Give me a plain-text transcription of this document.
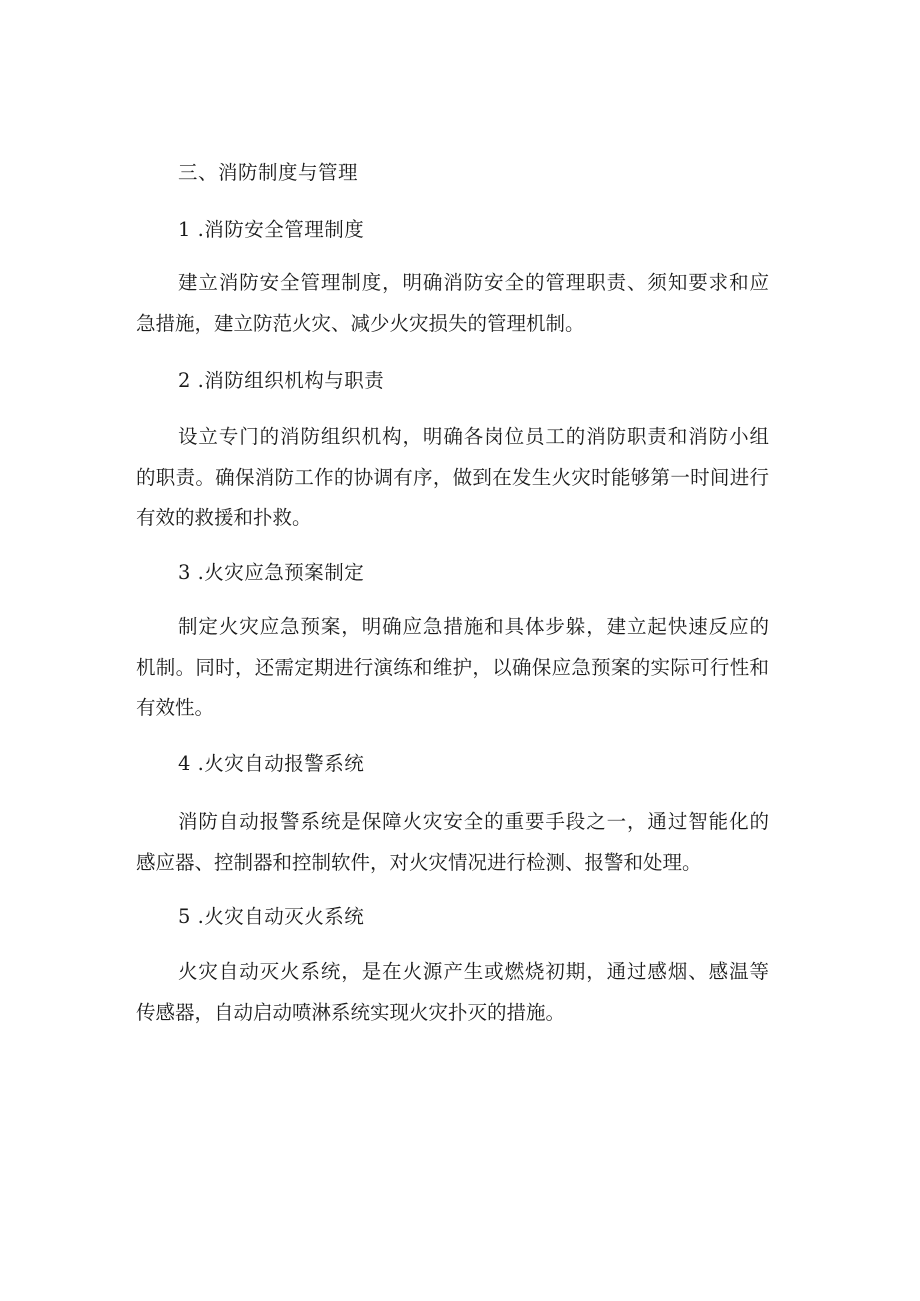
三、消防制度与管理
1 .消防安全管理制度
建立消防安全管理制度，明确消防安全的管理职责、须知要求和应
急措施，建立防范火灾、减少火灾损失的管理机制。
2 .消防组织机构与职责
设立专门的消防组织机构，明确各岗位员工的消防职责和消防小组
的职责。确保消防工作的协调有序，做到在发生火灾时能够第一时间进行
有效的救援和扑救。
3 .火灾应急预案制定
制定火灾应急预案，明确应急措施和具体步躲，建立起快速反应的
机制。同时，还需定期进行演练和维护，以确保应急预案的实际可行性和
有效性。
4 .火灾自动报警系统
消防自动报警系统是保障火灾安全的重要手段之一，通过智能化的
感应器、控制器和控制软件，对火灾情况进行检测、报警和处理。
5 .火灾自动灭火系统
火灾自动灭火系统，是在火源产生或燃烧初期，通过感烟、感温等
传感器，自动启动喷淋系统实现火灾扑灭的措施。
